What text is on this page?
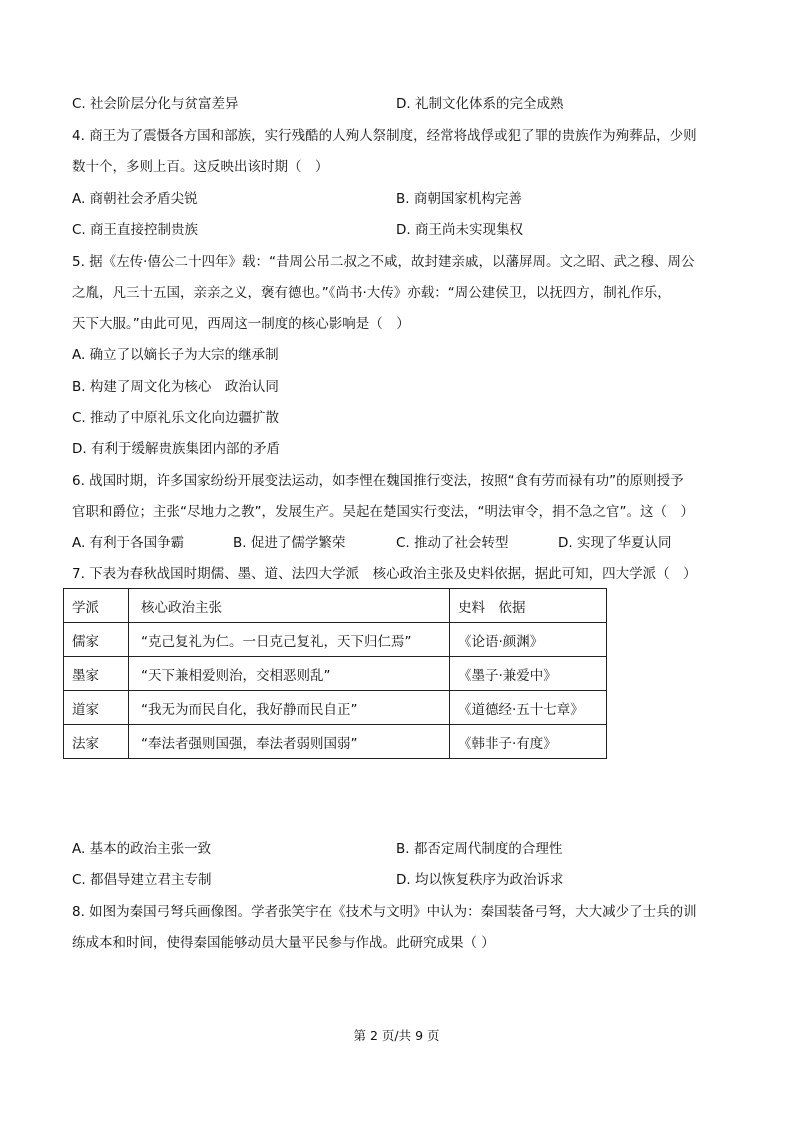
C. 社会阶层分化与贫富差异	D. 礼制文化体系的完全成熟
4. 商王为了震慑各方国和部族，实行残酷的人殉人祭制度，经常将战俘或犯了罪的贵族作为殉葬品，少则
数十个，多则上百。这反映出该时期（　）
A. 商朝社会矛盾尖锐	B. 商朝国家机构完善
C. 商王直接控制贵族	D. 商王尚未实现集权
5. 据《左传·僖公二十四年》载：“昔周公吊二叔之不咸，故封建亲戚，以藩屏周。文之昭、武之穆、周公
之胤，凡三十五国，亲亲之义，褒有德也。”《尚书·大传》亦载：“周公建侯卫，以抚四方，制礼作乐，
天下大服。”由此可见，西周这一制度的核心影响是（　）
A. 确立了以嫡长子为大宗的继承制
B. 构建了周文化为核心　政治认同
C. 推动了中原礼乐文化向边疆扩散
D. 有利于缓解贵族集团内部的矛盾
6. 战国时期，许多国家纷纷开展变法运动，如李悝在魏国推行变法，按照“食有劳而禄有功”的原则授予
官职和爵位；主张“尽地力之教”，发展生产。吴起在楚国实行变法，“明法审令，捐不急之官”。这（　）
A. 有利于各国争霸	B. 促进了儒学繁荣	C. 推动了社会转型	D. 实现了华夏认同
7. 下表为春秋战国时期儒、墨、道、法四大学派　核心政治主张及史料依据，据此可知，四大学派（　）
学派	核心政治主张	史料　依据
儒家	“克己复礼为仁。一日克己复礼，天下归仁焉”	《论语·颜渊》
墨家	“天下兼相爱则治，交相恶则乱”	《墨子·兼爱中》
道家	“我无为而民自化，我好静而民自正”	《道德经·五十七章》
法家	“奉法者强则国强，奉法者弱则国弱”	《韩非子·有度》
A. 基本的政治主张一致	B. 都否定周代制度的合理性
C. 都倡导建立君主专制	D. 均以恢复秩序为政治诉求
8. 如图为秦国弓弩兵画像图。学者张笑宇在《技术与文明》中认为：秦国装备弓弩，大大减少了士兵的训
练成本和时间，使得秦国能够动员大量平民参与作战。此研究成果（ ）
第 2 页/共 9 页
